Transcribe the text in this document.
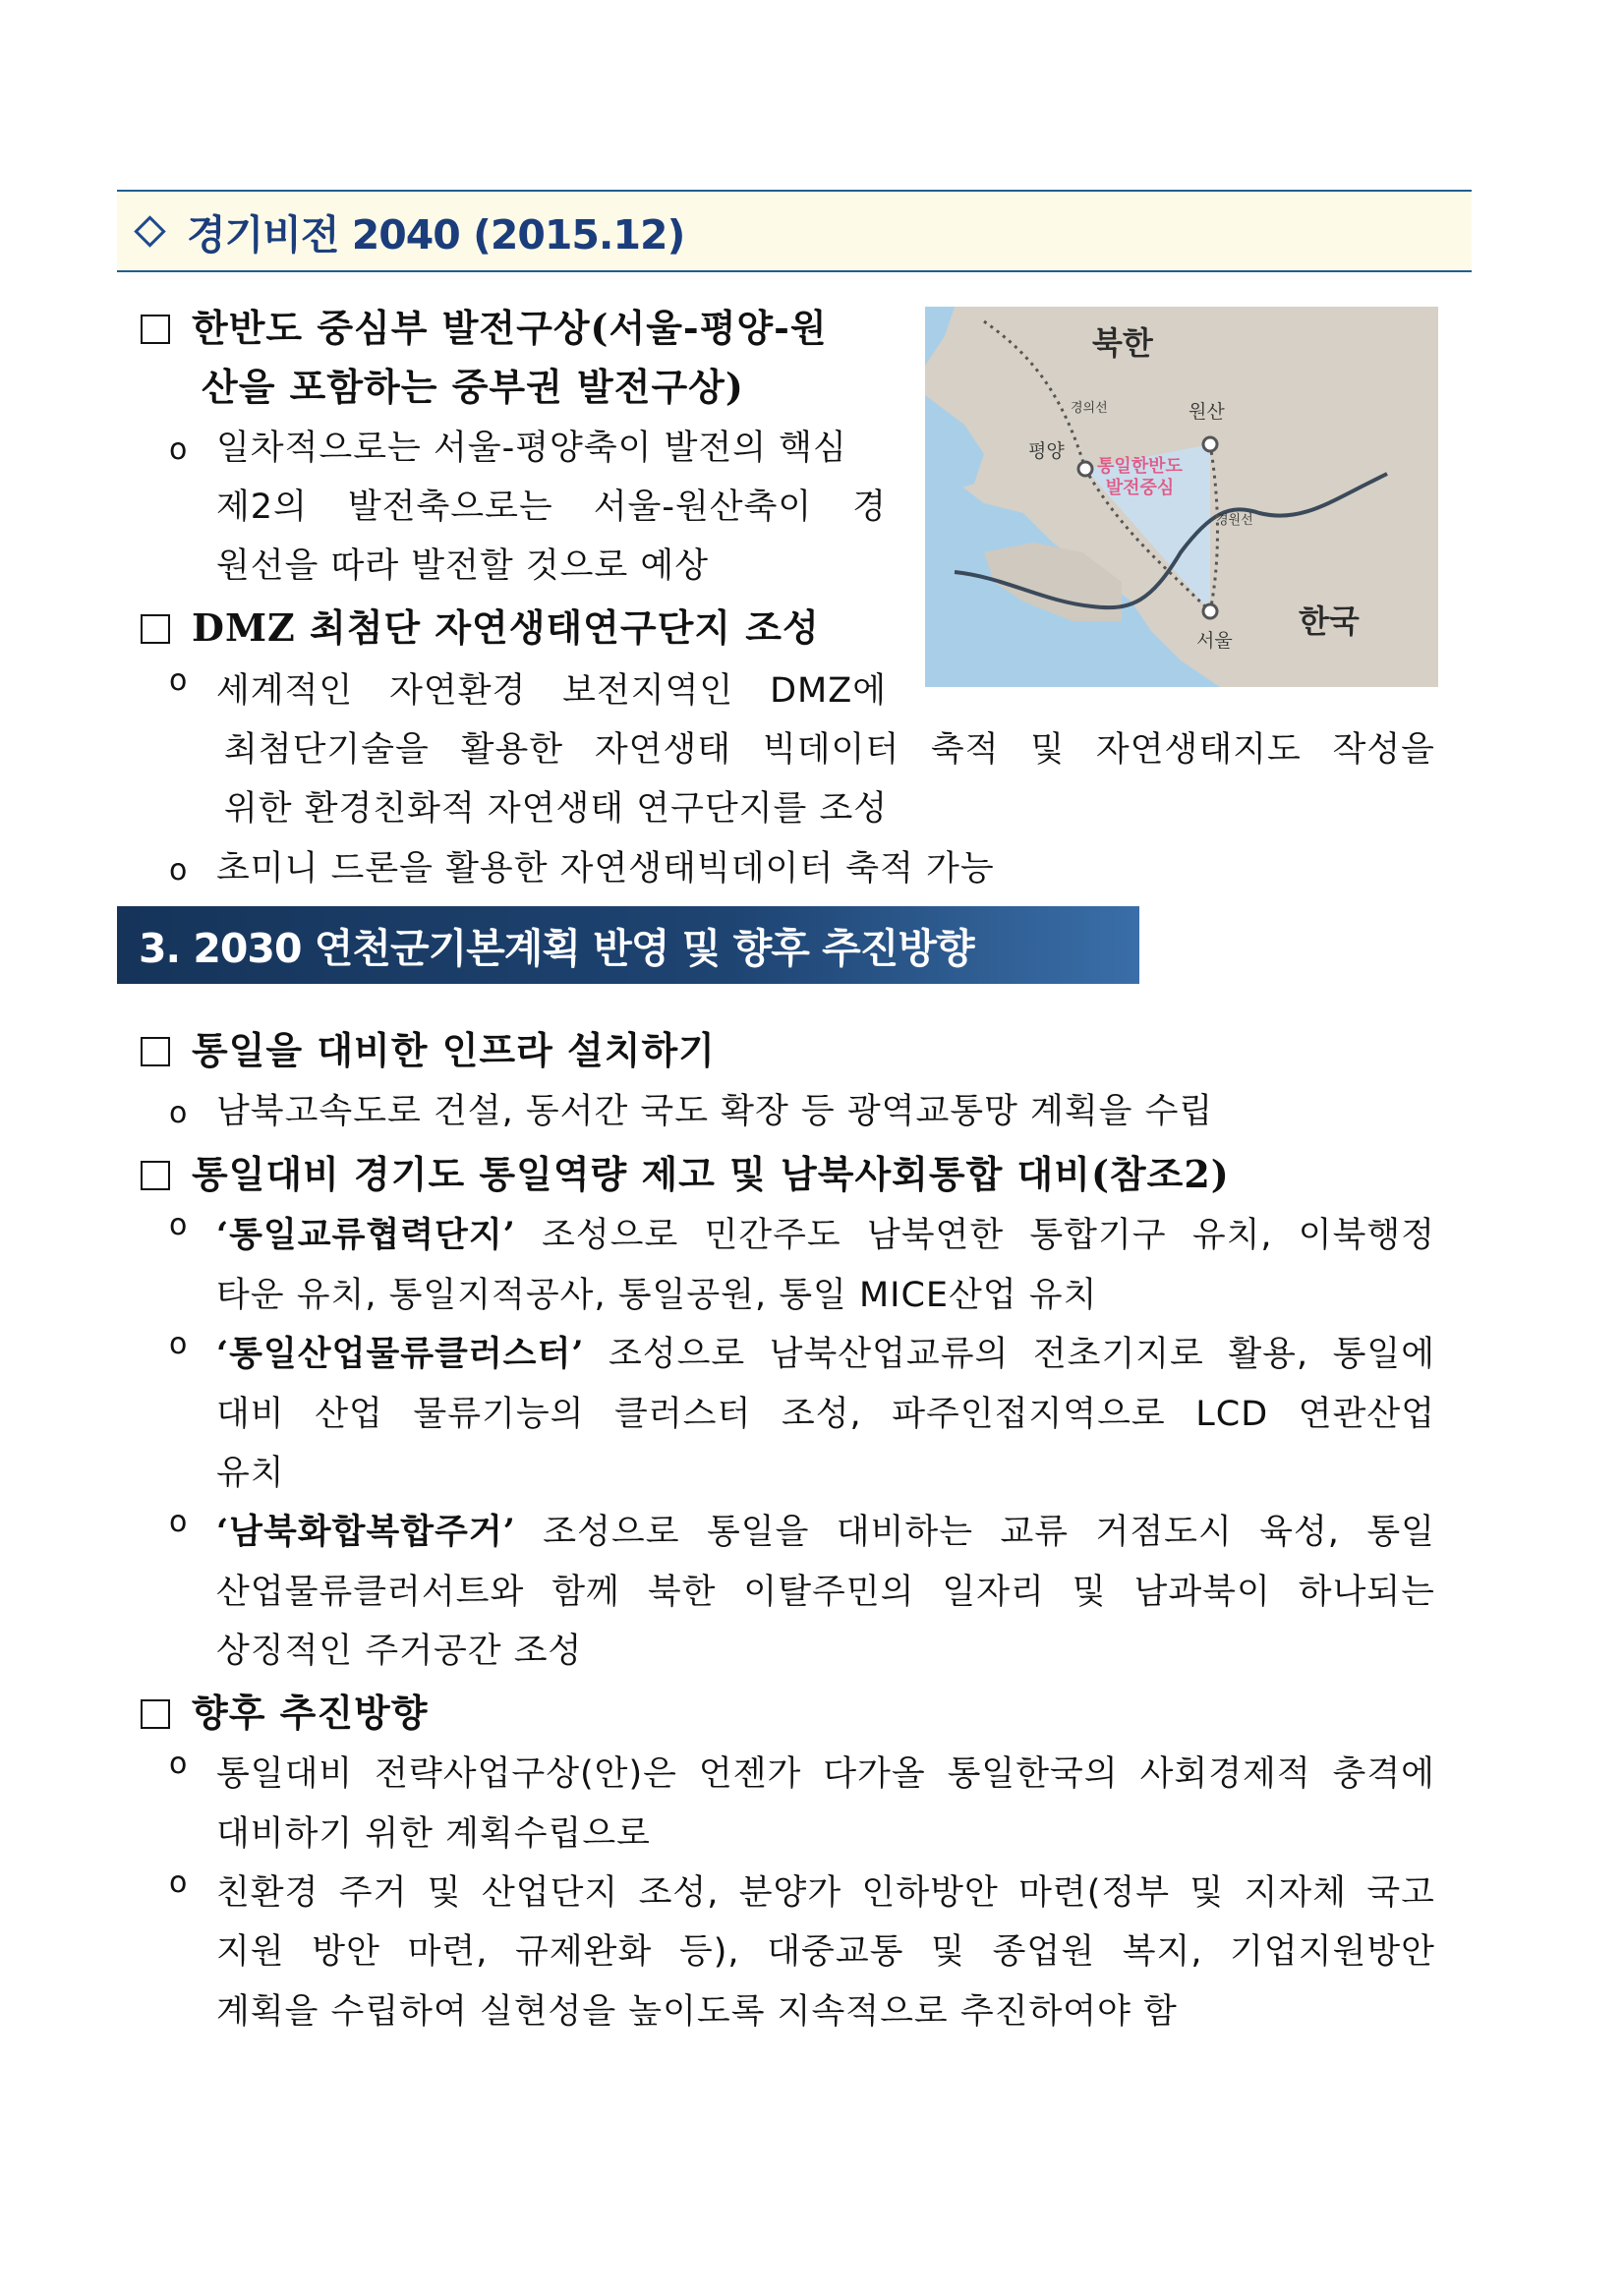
경기비전 2040 (2015.12)
한반도 중심부 발전구상(서울-평양-원
산을 포함하는 중부권 발전구상)
o 일차적으로는 서울-평양축이 발전의 핵심
제2의 발전축으로는 서울-원산축이 경
원선을 따라 발전할 것으로 예상
DMZ 최첨단 자연생태연구단지 조성
o 세계적인 자연환경 보전지역인 DMZ에
최첨단기술을 활용한 자연생태 빅데이터 축적 및 자연생태지도 작성을
위한 환경친화적 자연생태 연구단지를 조성
o 초미니 드론을 활용한 자연생태빅데이터 축적 가능
북한
한국
경의선	원산
평양
통일한반도
발전중심
경원선
서울
3. 2030 연천군기본계획 반영 및 향후 추진방향
통일을 대비한 인프라 설치하기
o 남북고속도로 건설, 동서간 국도 확장 등 광역교통망 계획을 수립
통일대비 경기도 통일역량 제고 및 남북사회통합 대비(참조2)
o ‘통일교류협력단지’ 조성으로 민간주도 남북연한 통합기구 유치, 이북행정
타운 유치, 통일지적공사, 통일공원, 통일 MICE산업 유치
o ‘통일산업물류클러스터’ 조성으로 남북산업교류의 전초기지로 활용, 통일에
대비 산업 물류기능의 클러스터 조성, 파주인접지역으로 LCD 연관산업
유치
o ‘남북화합복합주거’ 조성으로 통일을 대비하는 교류 거점도시 육성, 통일
산업물류클러서트와 함께 북한 이탈주민의 일자리 및 남과북이 하나되는
상징적인 주거공간 조성
향후 추진방향
o 통일대비 전략사업구상(안)은 언젠가 다가올 통일한국의 사회경제적 충격에
대비하기 위한 계획수립으로
o 친환경 주거 및 산업단지 조성, 분양가 인하방안 마련(정부 및 지자체 국고
지원 방안 마련, 규제완화 등), 대중교통 및 종업원 복지, 기업지원방안
계획을 수립하여 실현성을 높이도록 지속적으로 추진하여야 함
